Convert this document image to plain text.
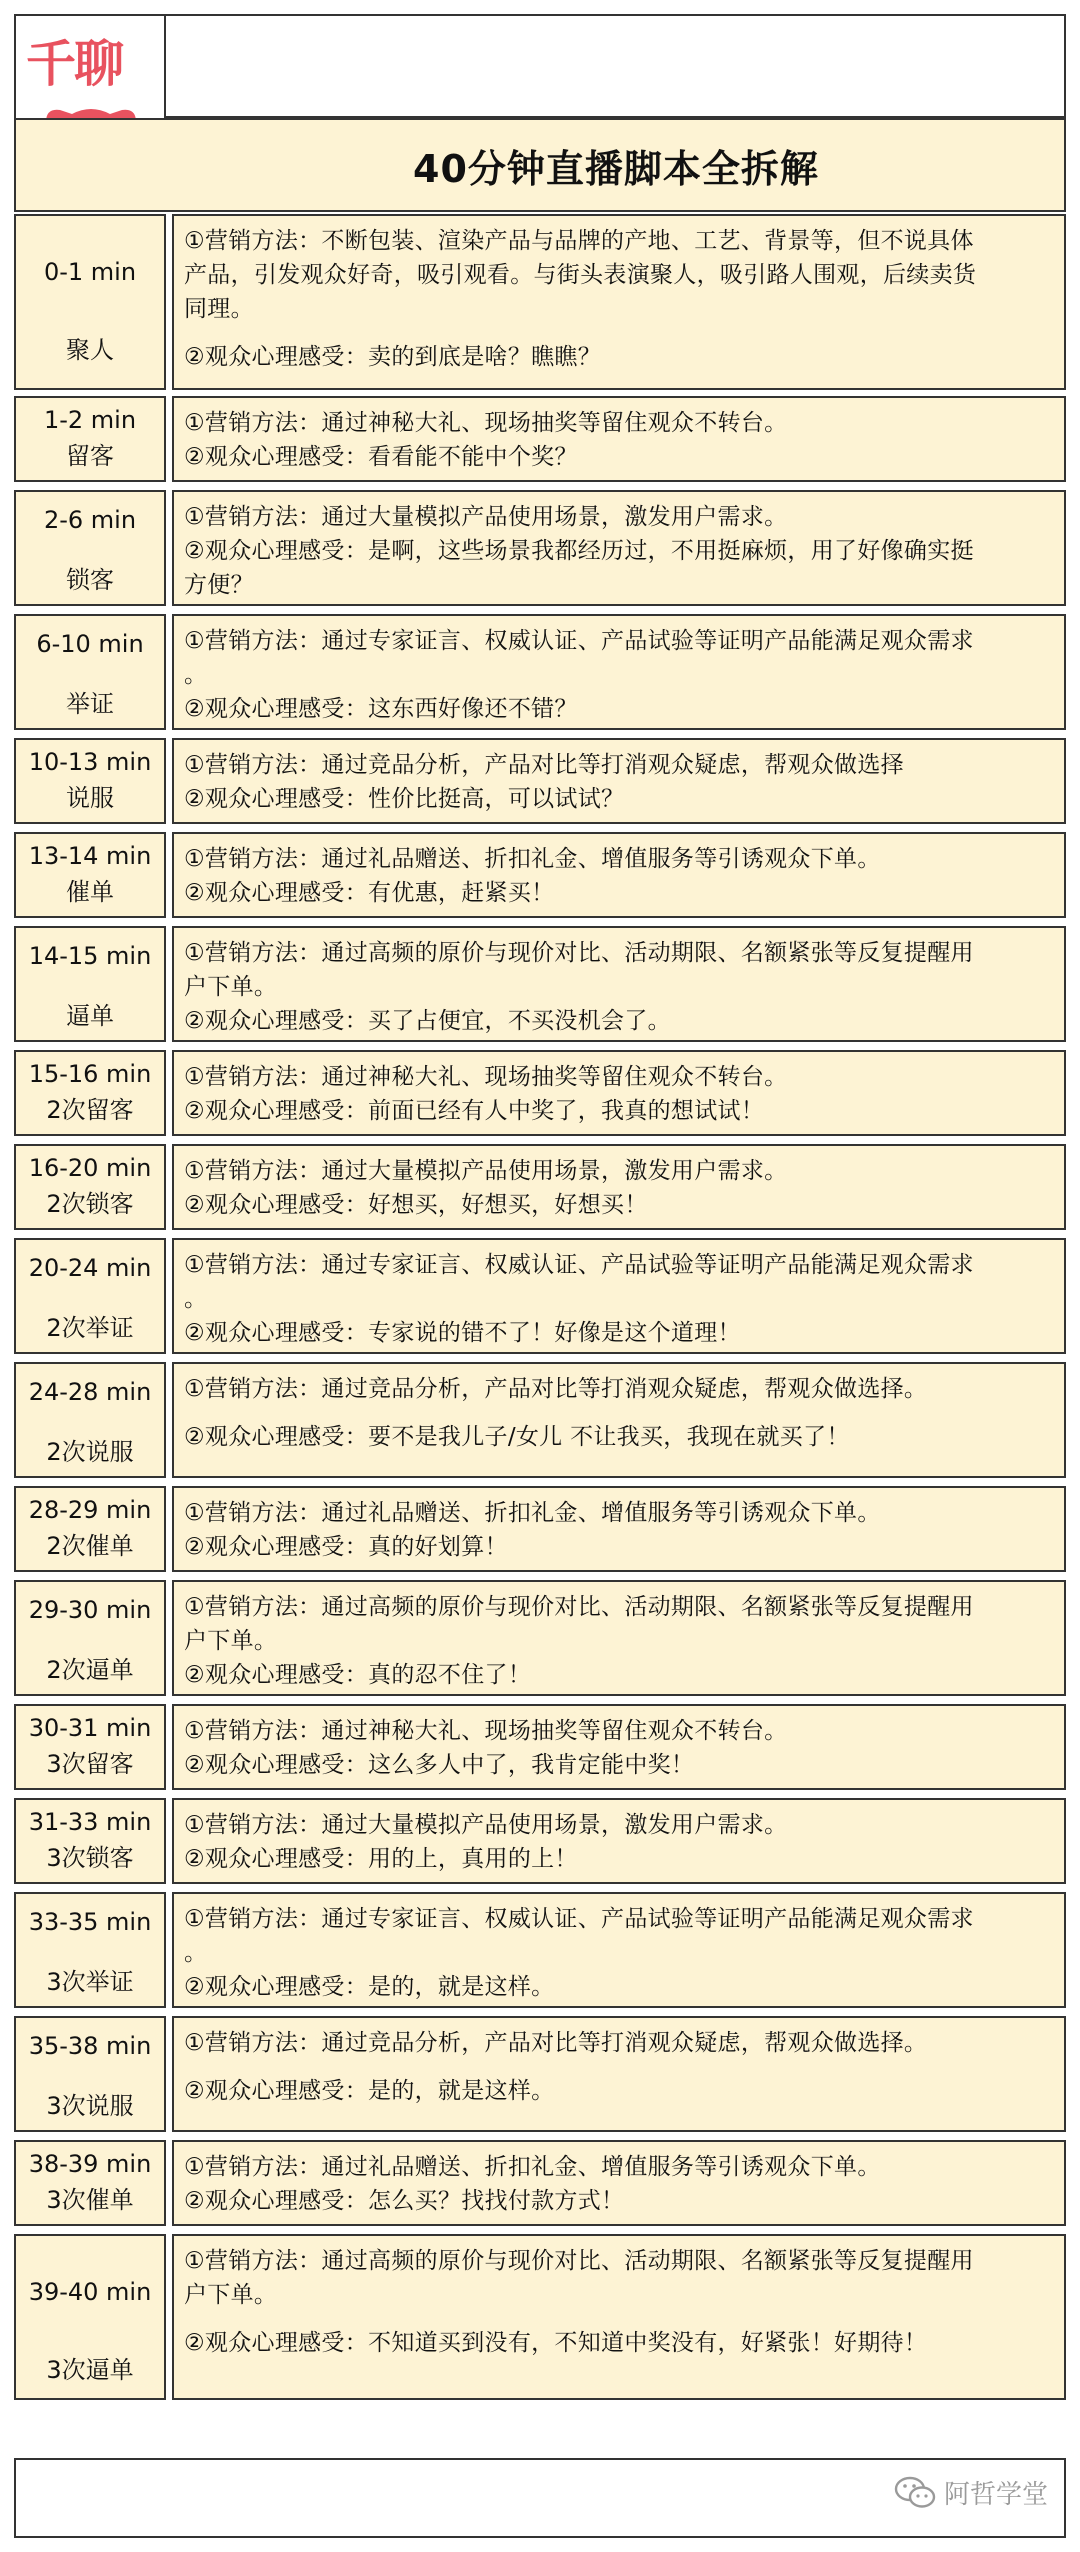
千聊
40分钟直播脚本全拆解
0-1 min
聚人
①营销方法：不断包装、渲染产品与品牌的产地、工艺、背景等，但不说具体
产品，引发观众好奇，吸引观看。与街头表演聚人，吸引路人围观，后续卖货
同理。
②观众心理感受：卖的到底是啥？瞧瞧？
1-2 min
留客
①营销方法：通过神秘大礼、现场抽奖等留住观众不转台。
②观众心理感受：看看能不能中个奖？
2-6 min
锁客
①营销方法：通过大量模拟产品使用场景，激发用户需求。
②观众心理感受：是啊，这些场景我都经历过，不用挺麻烦，用了好像确实挺
方便？
6-10 min
举证
①营销方法：通过专家证言、权威认证、产品试验等证明产品能满足观众需求
。
②观众心理感受：这东西好像还不错？
10-13 min
说服
①营销方法：通过竞品分析，产品对比等打消观众疑虑，帮观众做选择
②观众心理感受：性价比挺高，可以试试？
13-14 min
催单
①营销方法：通过礼品赠送、折扣礼金、增值服务等引诱观众下单。
②观众心理感受：有优惠，赶紧买！
14-15 min
逼单
①营销方法：通过高频的原价与现价对比、活动期限、名额紧张等反复提醒用
户下单。
②观众心理感受：买了占便宜，不买没机会了。
15-16 min
2次留客
①营销方法：通过神秘大礼、现场抽奖等留住观众不转台。
②观众心理感受：前面已经有人中奖了，我真的想试试！
16-20 min
2次锁客
①营销方法：通过大量模拟产品使用场景，激发用户需求。
②观众心理感受：好想买，好想买，好想买！
20-24 min
2次举证
①营销方法：通过专家证言、权威认证、产品试验等证明产品能满足观众需求
。
②观众心理感受：专家说的错不了！好像是这个道理！
24-28 min
2次说服
①营销方法：通过竞品分析，产品对比等打消观众疑虑，帮观众做选择。
②观众心理感受：要不是我儿子/女儿 不让我买，我现在就买了！
28-29 min
2次催单
①营销方法：通过礼品赠送、折扣礼金、增值服务等引诱观众下单。
②观众心理感受：真的好划算！
29-30 min
2次逼单
①营销方法：通过高频的原价与现价对比、活动期限、名额紧张等反复提醒用
户下单。
②观众心理感受：真的忍不住了！
30-31 min
3次留客
①营销方法：通过神秘大礼、现场抽奖等留住观众不转台。
②观众心理感受：这么多人中了，我肯定能中奖！
31-33 min
3次锁客
①营销方法：通过大量模拟产品使用场景，激发用户需求。
②观众心理感受：用的上，真用的上！
33-35 min
3次举证
①营销方法：通过专家证言、权威认证、产品试验等证明产品能满足观众需求
。
②观众心理感受：是的，就是这样。
35-38 min
3次说服
①营销方法：通过竞品分析，产品对比等打消观众疑虑，帮观众做选择。
②观众心理感受：是的，就是这样。
38-39 min
3次催单
①营销方法：通过礼品赠送、折扣礼金、增值服务等引诱观众下单。
②观众心理感受：怎么买？找找付款方式！
39-40 min
3次逼单
①营销方法：通过高频的原价与现价对比、活动期限、名额紧张等反复提醒用
户下单。
②观众心理感受：不知道买到没有，不知道中奖没有，好紧张！好期待！
阿哲学堂
